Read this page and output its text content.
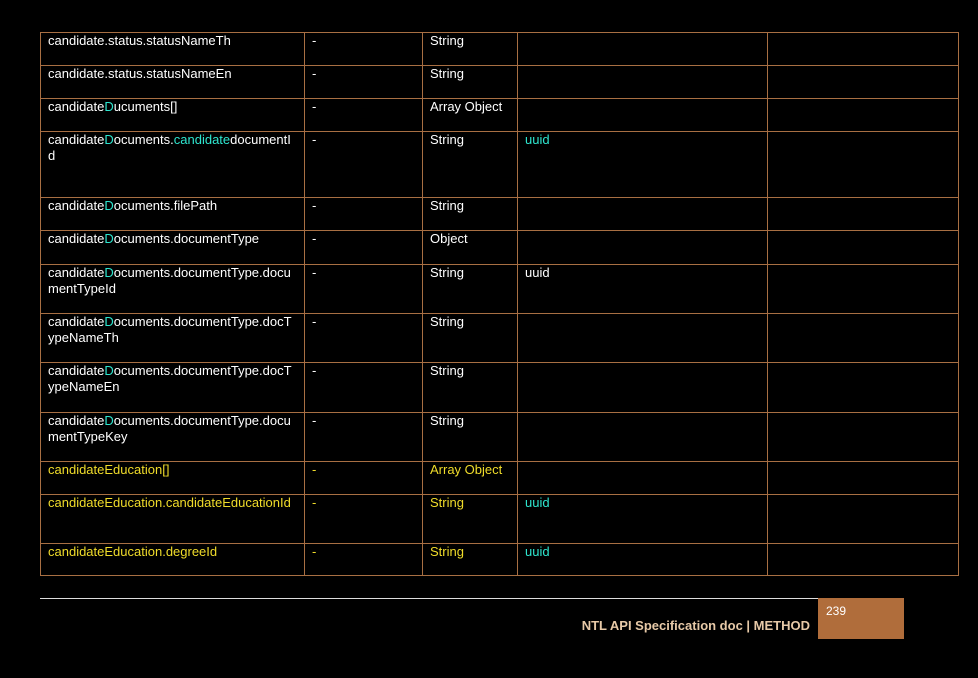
candidate.status.statusNameTh	-	String		
candidate.status.statusNameEn	-	String		
candidateDucuments[]	-	Array Object		
candidateDocuments.candidatedocumentId	-	String	uuid	
candidateDocuments.filePath	-	String		
candidateDocuments.documentType	-	Object		
candidateDocuments.documentType.documentTypeId	-	String	uuid	
candidateDocuments.documentType.docTypeNameTh	-	String		
candidateDocuments.documentType.docTypeNameEn	-	String		
candidateDocuments.documentType.documentTypeKey	-	String		
candidateEducation[]	-	Array Object		
candidateEducation.candidateEducationId	-	String	uuid	
candidateEducation.degreeId	-	String	uuid	
NTL API Specification doc | METHOD
239
